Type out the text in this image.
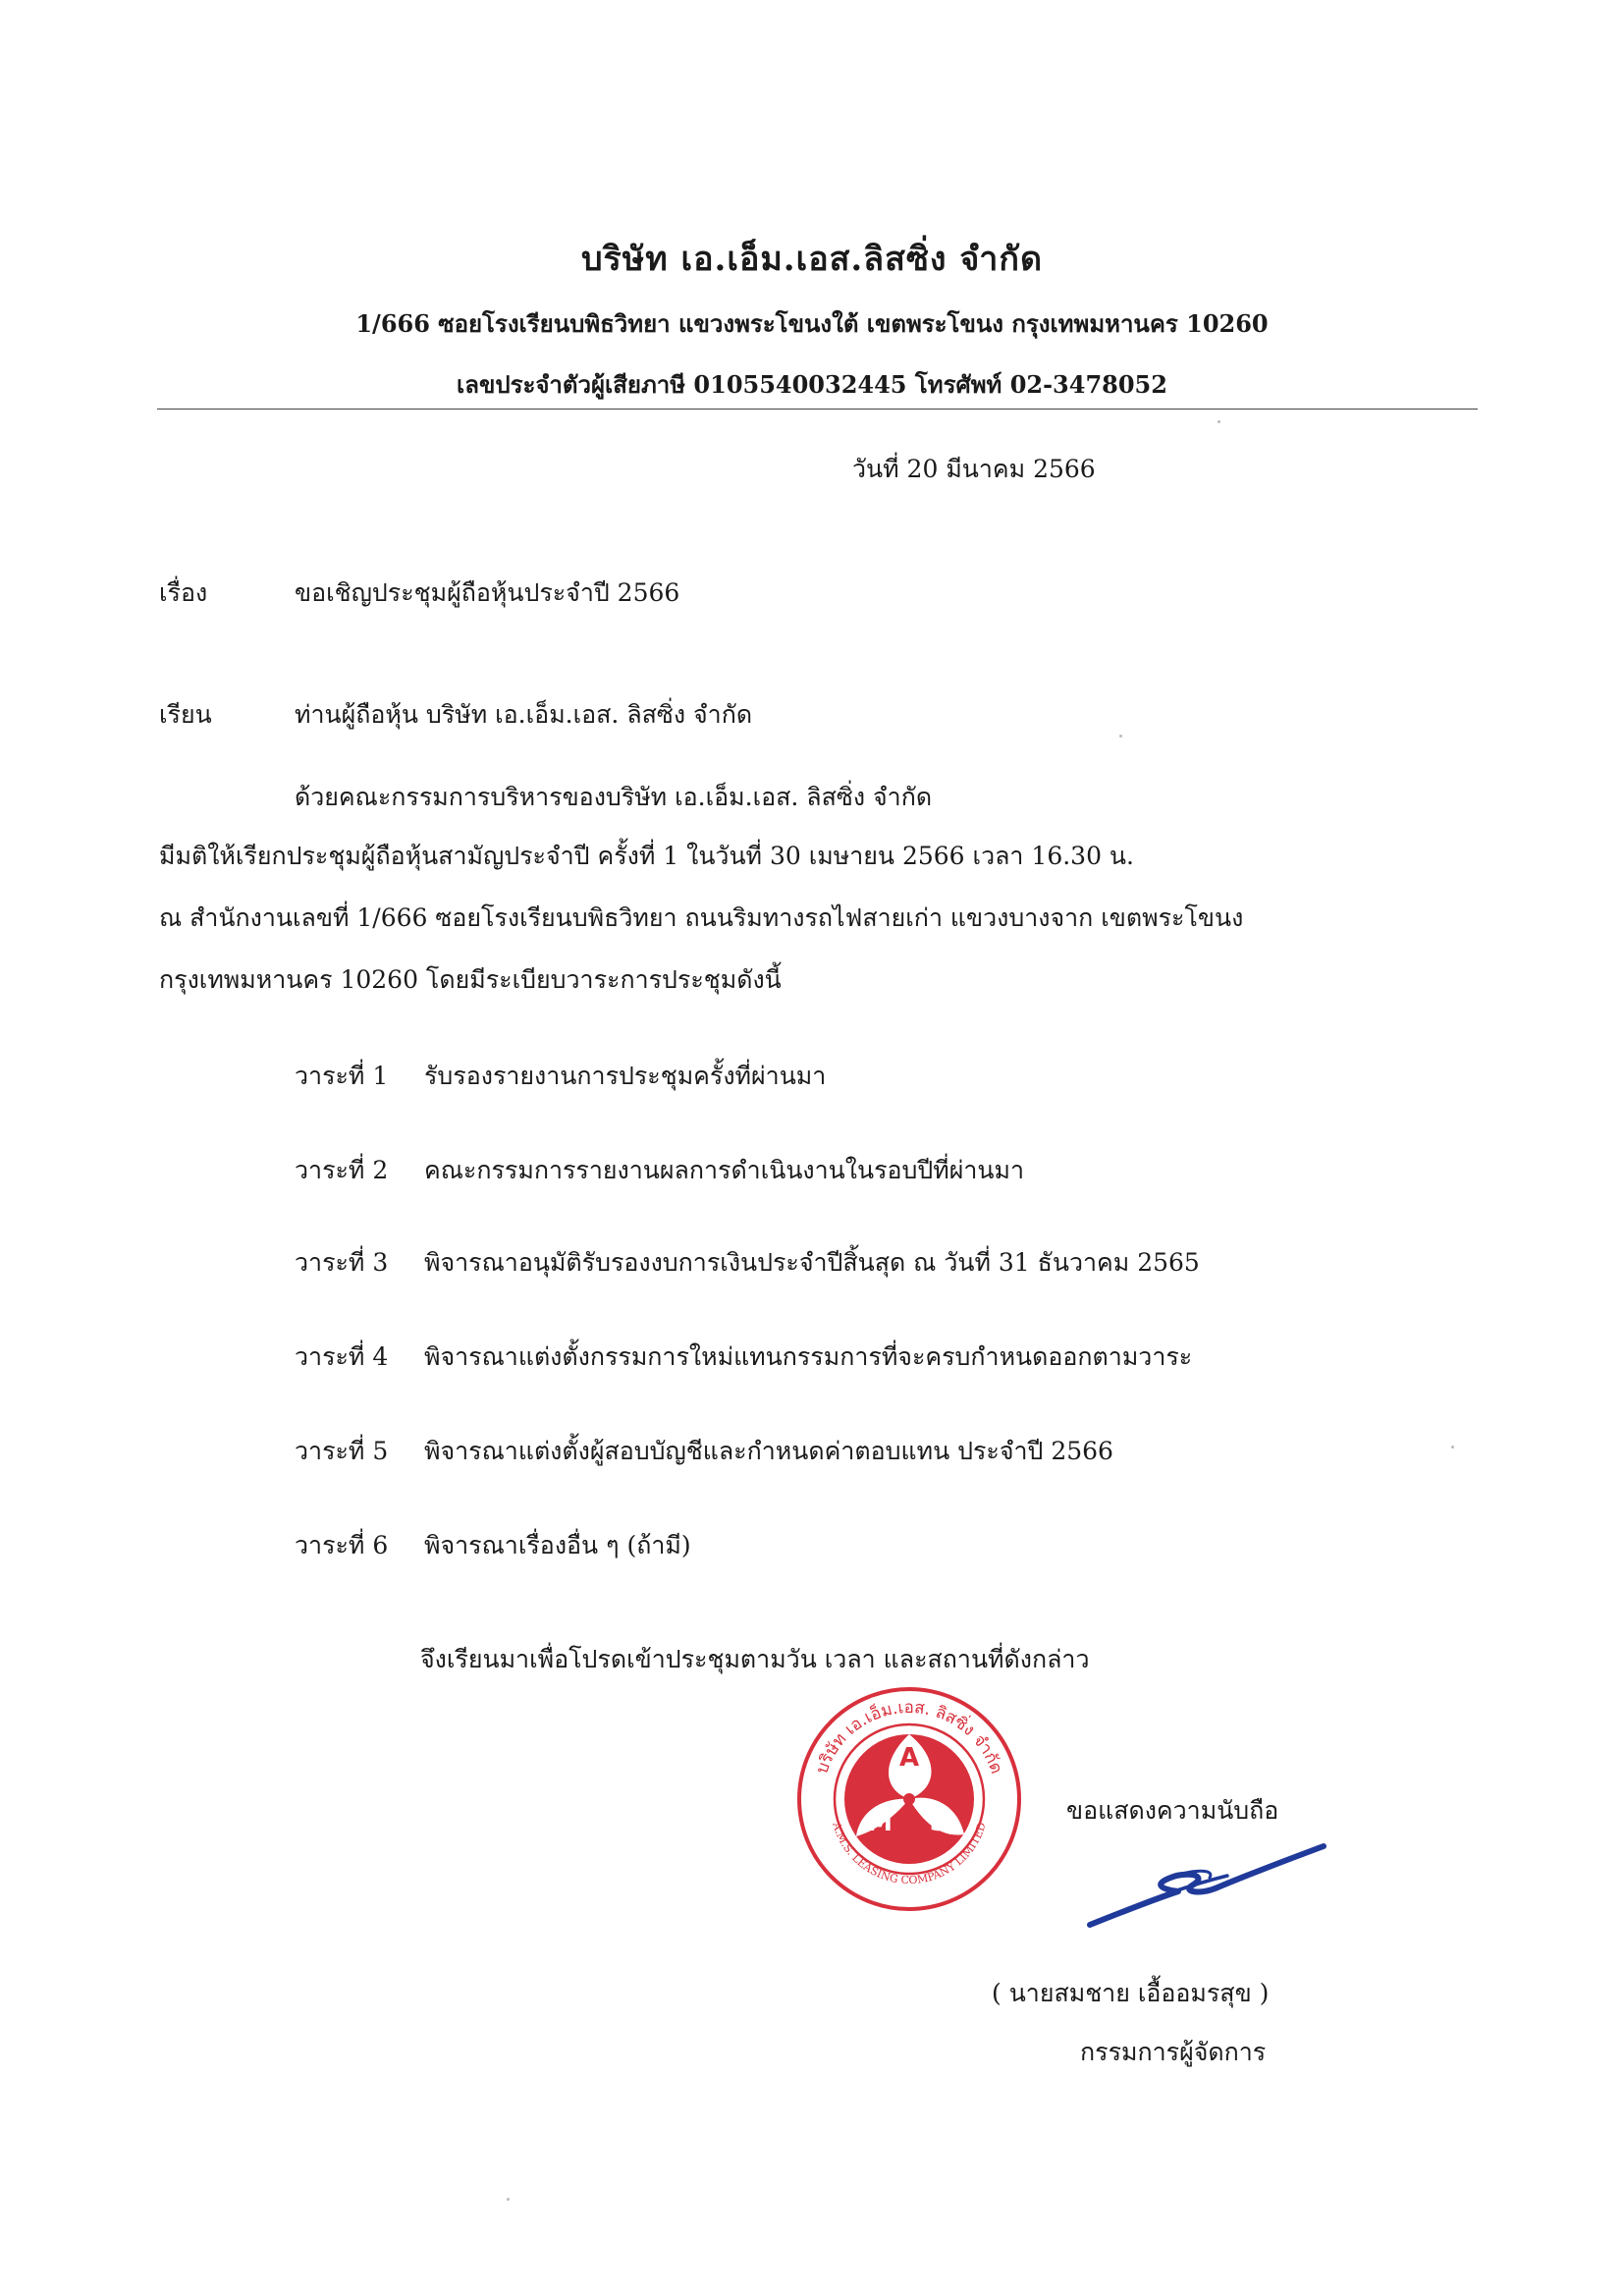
บริษัท เอ.เอ็ม.เอส.ลิสซิ่ง จำกัด
1/666 ซอยโรงเรียนบพิธวิทยา แขวงพระโขนงใต้ เขตพระโขนง กรุงเทพมหานคร 10260
เลขประจำตัวผู้เสียภาษี 0105540032445 โทรศัพท์ 02-3478052
วันที่ 20 มีนาคม 2566
เรื่อง	ขอเชิญประชุมผู้ถือหุ้นประจำปี 2566
เรียน	ท่านผู้ถือหุ้น บริษัท เอ.เอ็ม.เอส. ลิสซิ่ง จำกัด
ด้วยคณะกรรมการบริหารของบริษัท เอ.เอ็ม.เอส. ลิสซิ่ง จำกัด
มีมติให้เรียกประชุมผู้ถือหุ้นสามัญประจำปี ครั้งที่ 1 ในวันที่ 30 เมษายน 2566 เวลา 16.30 น.
ณ สำนักงานเลขที่ 1/666 ซอยโรงเรียนบพิธวิทยา ถนนริมทางรถไฟสายเก่า แขวงบางจาก เขตพระโขนง
กรุงเทพมหานคร 10260 โดยมีระเบียบวาระการประชุมดังนี้
วาระที่ 1 รับรองรายงานการประชุมครั้งที่ผ่านมา
วาระที่ 2 คณะกรรมการรายงานผลการดำเนินงานในรอบปีที่ผ่านมา
วาระที่ 3 พิจารณาอนุมัติรับรองงบการเงินประจำปีสิ้นสุด ณ วันที่ 31 ธันวาคม 2565
วาระที่ 4 พิจารณาแต่งตั้งกรรมการใหม่แทนกรรมการที่จะครบกำหนดออกตามวาระ
วาระที่ 5 พิจารณาแต่งตั้งผู้สอบบัญชีและกำหนดค่าตอบแทน ประจำปี 2566
วาระที่ 6 พิจารณาเรื่องอื่น ๆ (ถ้ามี)
จึงเรียนมาเพื่อโปรดเข้าประชุมตามวัน เวลา และสถานที่ดังกล่าว
บริษัท เอ.เอ็ม.เอส. ลิสซิ่ง จำกัด
A.M.S. LEASING COMPANY LIMITED
A
M S	ขอแสดงความนับถือ
( นายสมชาย เอื้ออมรสุข )
กรรมการผู้จัดการ
